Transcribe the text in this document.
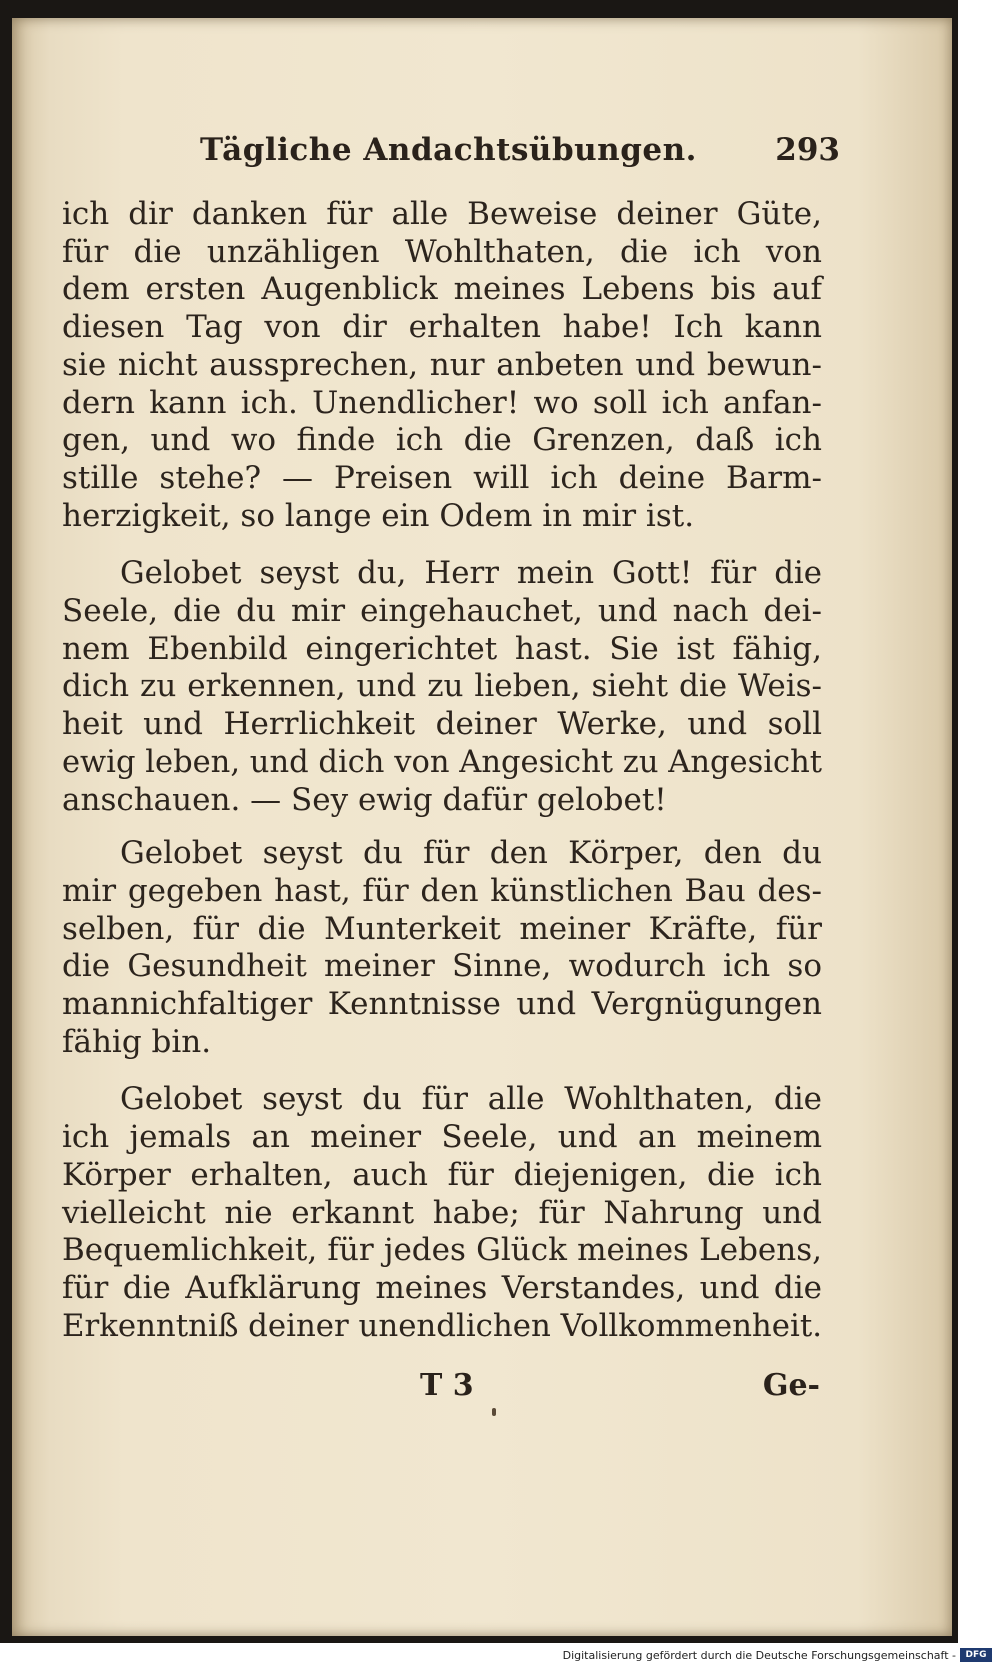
Tägliche Andachtsübungen.	293
ich dir danken für alle Beweise deiner Güte,
für die unzähligen Wohlthaten, die ich von
dem ersten Augenblick meines Lebens bis auf
diesen Tag von dir erhalten habe! Ich kann
sie nicht aussprechen, nur anbeten und bewun-
dern kann ich. Unendlicher! wo soll ich anfan-
gen, und wo finde ich die Grenzen, daß ich
stille stehe? — Preisen will ich deine Barm-
herzigkeit, so lange ein Odem in mir ist.
Gelobet seyst du, Herr mein Gott! für die
Seele, die du mir eingehauchet, und nach dei-
nem Ebenbild eingerichtet hast. Sie ist fähig,
dich zu erkennen, und zu lieben, sieht die Weis-
heit und Herrlichkeit deiner Werke, und soll
ewig leben, und dich von Angesicht zu Angesicht
anschauen. — Sey ewig dafür gelobet!
Gelobet seyst du für den Körper, den du
mir gegeben hast, für den künstlichen Bau des-
selben, für die Munterkeit meiner Kräfte, für
die Gesundheit meiner Sinne, wodurch ich so
mannichfaltiger Kenntnisse und Vergnügungen
fähig bin.
Gelobet seyst du für alle Wohlthaten, die
ich jemals an meiner Seele, und an meinem
Körper erhalten, auch für diejenigen, die ich
vielleicht nie erkannt habe; für Nahrung und
Bequemlichkeit, für jedes Glück meines Lebens,
für die Aufklärung meines Verstandes, und die
Erkenntniß deiner unendlichen Vollkommenheit.
T 3	Ge-
Digitalisierung gefördert durch die Deutsche Forschungsgemeinschaft -	DFG
